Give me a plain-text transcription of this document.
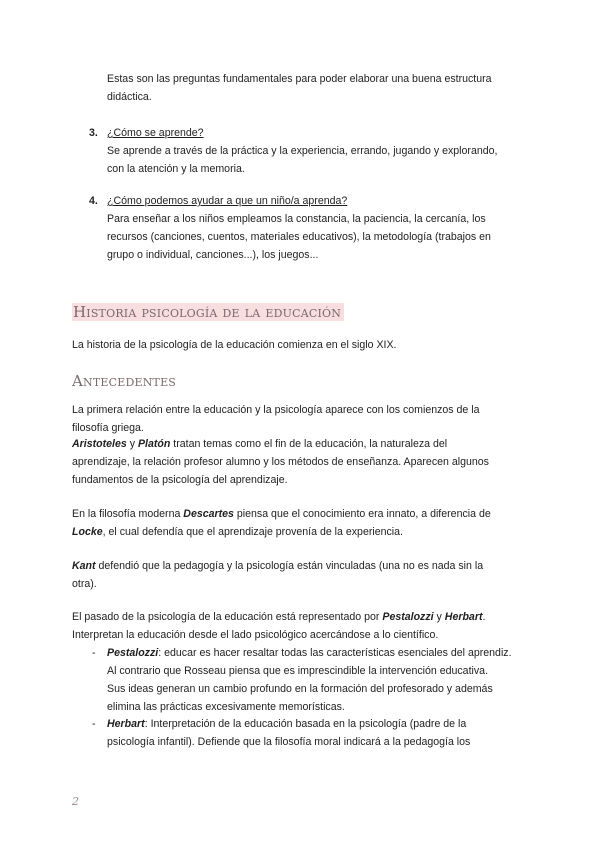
Estas son las preguntas fundamentales para poder elaborar una buena estructura
didáctica.
3. ¿Cómo se aprende?
Se aprende a través de la práctica y la experiencia, errando, jugando y explorando,
con la atención y la memoria.
4. ¿Cómo podemos ayudar a que un niño/a aprenda?
Para enseñar a los niños empleamos la constancia, la paciencia, la cercanía, los
recursos (canciones, cuentos, materiales educativos), la metodología (trabajos en
grupo o individual, canciones...), los juegos...
Historia psicología de la educación
La historia de la psicología de la educación comienza en el siglo XIX.
Antecedentes
La primera relación entre la educación y la psicología aparece con los comienzos de la
filosofía griega.
Aristoteles y Platón tratan temas como el fin de la educación, la naturaleza del
aprendizaje, la relación profesor alumno y los métodos de enseñanza. Aparecen algunos
fundamentos de la psicología del aprendizaje.
En la filosofía moderna Descartes piensa que el conocimiento era innato, a diferencia de
Locke, el cual defendía que el aprendizaje provenía de la experiencia.
Kant defendió que la pedagogía y la psicología están vinculadas (una no es nada sin la
otra).
El pasado de la psicología de la educación está representado por Pestalozzi y Herbart.
Interpretan la educación desde el lado psicológico acercándose a lo científico.
- Pestalozzi: educar es hacer resaltar todas las características esenciales del aprendiz.
Al contrario que Rosseau piensa que es imprescindible la intervención educativa.
Sus ideas generan un cambio profundo en la formación del profesorado y además
elimina las prácticas excesivamente memorísticas.
- Herbart: Interpretación de la educación basada en la psicología (padre de la
psicología infantil). Defiende que la filosofía moral indicará a la pedagogía los
2
